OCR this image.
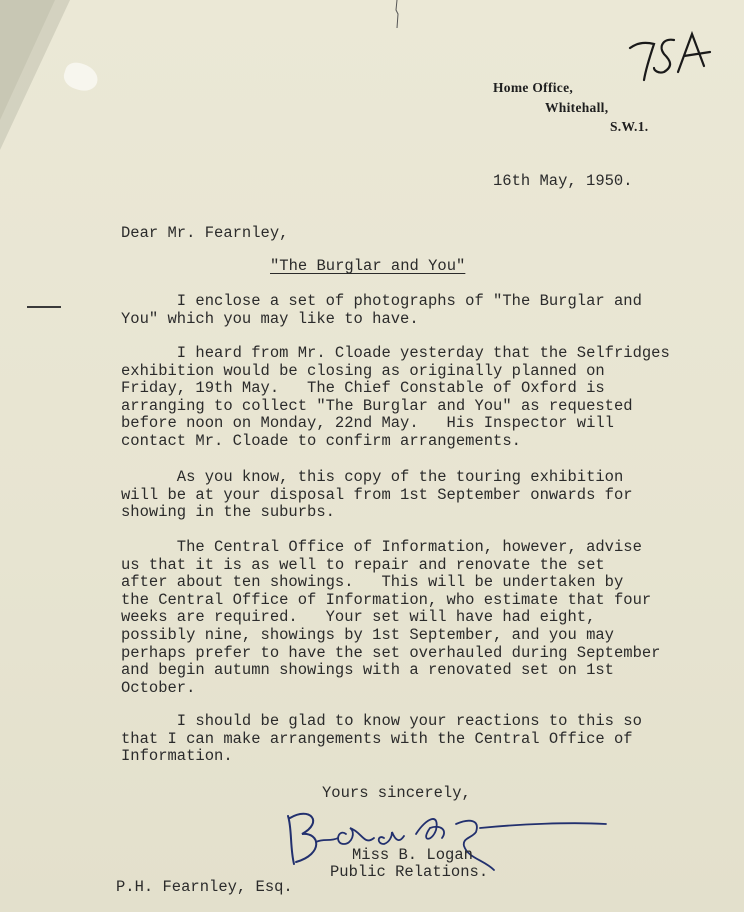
Home Office,
Whitehall,
S.W.1.
16th May, 1950.
Dear Mr. Fearnley,
"The Burglar and You"
I enclose a set of photographs of "The Burglar and
You" which you may like to have.
I heard from Mr. Cloade yesterday that the Selfridges
exhibition would be closing as originally planned on
Friday, 19th May.   The Chief Constable of Oxford is
arranging to collect "The Burglar and You" as requested
before noon on Monday, 22nd May.   His Inspector will
contact Mr. Cloade to confirm arrangements.
As you know, this copy of the touring exhibition
will be at your disposal from 1st September onwards for
showing in the suburbs.
The Central Office of Information, however, advise
us that it is as well to repair and renovate the set
after about ten showings.   This will be undertaken by
the Central Office of Information, who estimate that four
weeks are required.   Your set will have had eight,
possibly nine, showings by 1st September, and you may
perhaps prefer to have the set overhauled during September
and begin autumn showings with a renovated set on 1st
October.
I should be glad to know your reactions to this so
that I can make arrangements with the Central Office of
Information.
Yours sincerely,
Miss B. Logan
Public Relations.
P.H. Fearnley, Esq.
